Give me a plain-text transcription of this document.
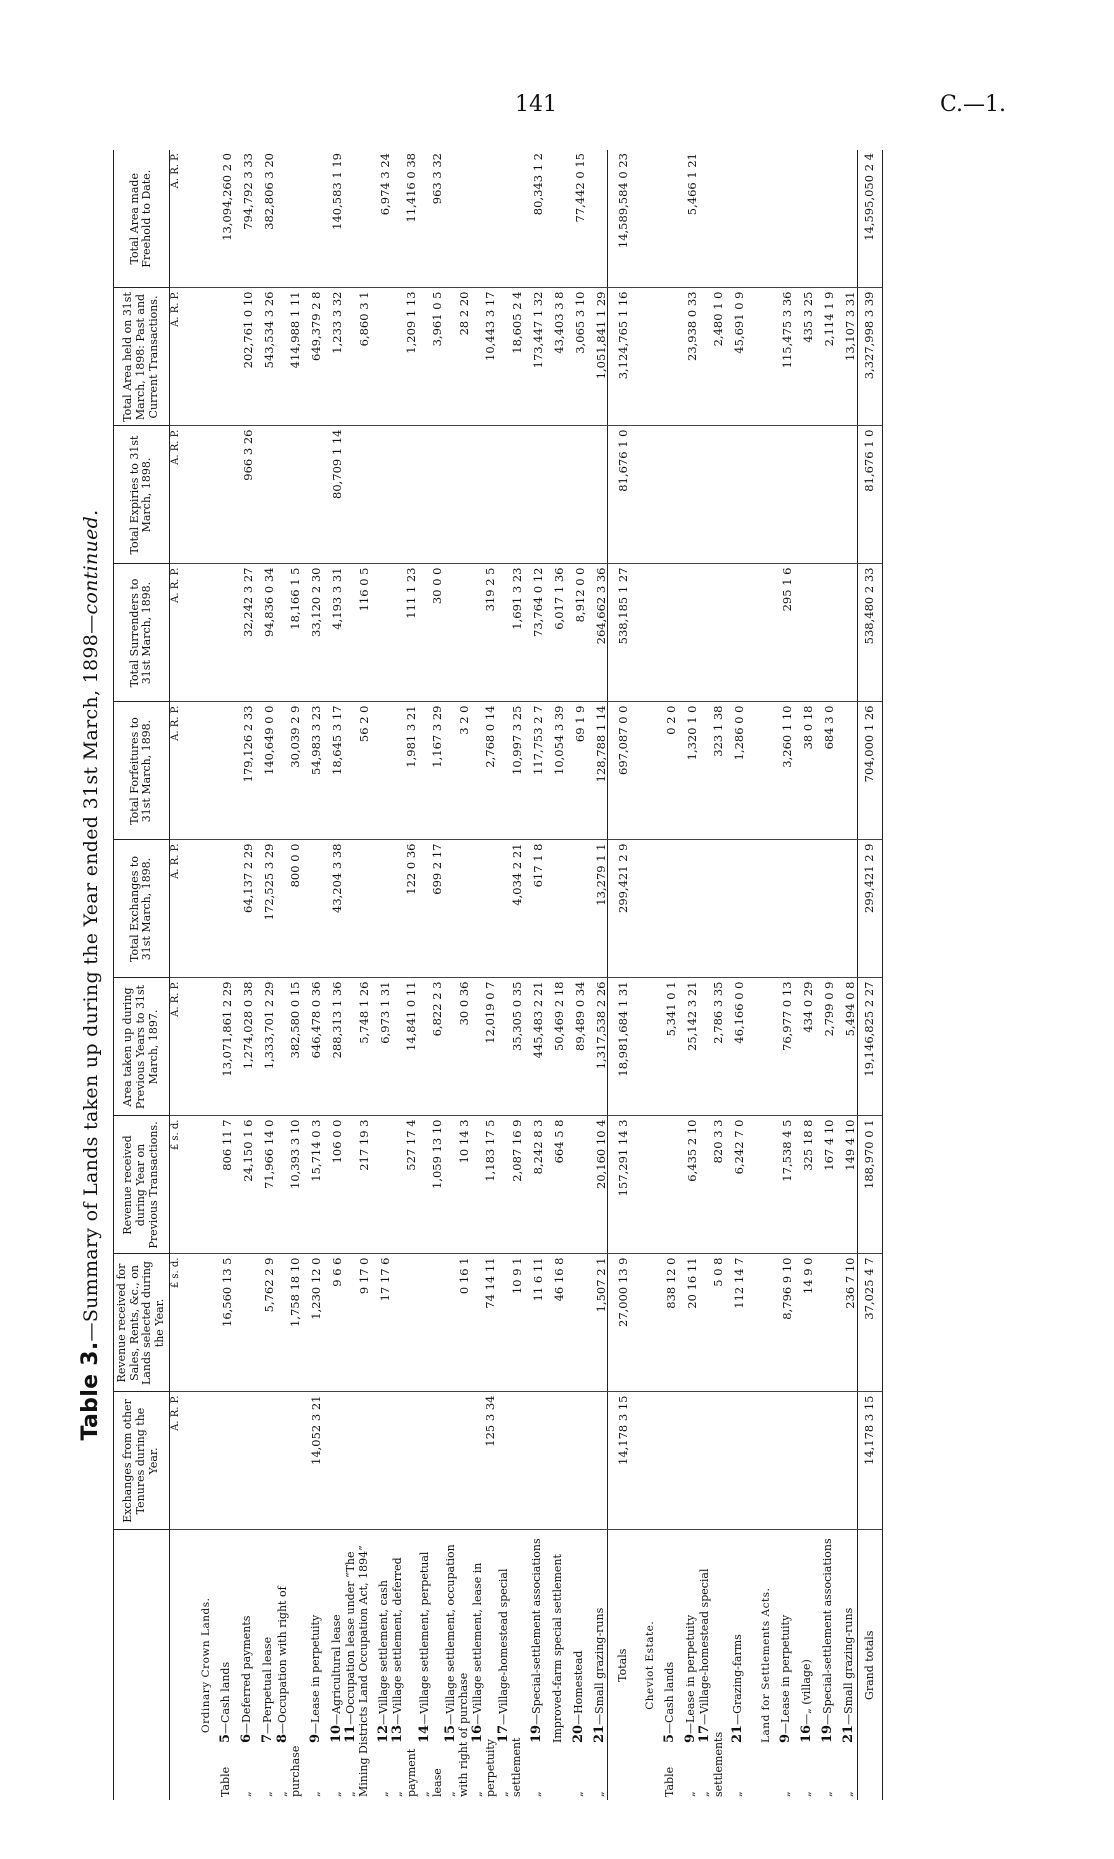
141	C.—1.
Table 3.—Summary of Lands taken up during the Year ended 31st March, 1898—continued.
	Exchanges from other Tenures during the Year.	Revenue received for Sales, Rents, &c., on Lands selected during the Year.	Revenue received during Year on Previous Transactions.	Area taken up during Previous Years to 31st March, 1897.	Total Exchanges to 31st March, 1898.	Total Forfeitures to 31st March, 1898.	Total Surrenders to 31st March, 1898.	Total Expiries to 31st March, 1898.	Total Area held on 31st March, 1898: Past and Current Transactions.	Total Area made Freehold to Date.
	A. R. P.	£ s. d.	£ s. d.	A. R. P.	A. R. P.	A. R. P.	A. R. P.	A. R. P.	A. R. P.	A. R. P.
Ordinary Crown Lands.										
Table5—Cash lands		16,560 13 5	806 11 7	13,071,861 2 29						13,094,260 2 0
„6—Deferred payments			24,150 1 6	1,274,028 0 38	64,137 2 29	179,126 2 33	32,242 3 27	966 3 26	202,761 0 10	794,792 3 33
„7—Perpetual lease		5,762 2 9	71,966 14 0	1,333,701 2 29	172,525 3 29	140,649 0 0	94,836 0 34		543,534 3 26	382,806 3 20
„8—Occupation with right of purchase		1,758 18 10	10,393 3 10	382,580 0 15	800 0 0	30,039 2 9	18,166 1 5		414,988 1 11	
„9—Lease in perpetuity	14,052 3 21	1,230 12 0	15,714 0 3	646,478 0 36		54,983 3 23	33,120 2 30		649,379 2 8	
„10—Agricultural lease		9 6 6	106 0 0	288,313 1 36	43,204 3 38	18,645 3 17	4,193 3 31	80,709 1 14	1,233 3 32	140,583 1 19
„11—Occupation lease under “The Mining Districts Land Occupation Act, 1894”		9 17 0	217 19 3	5,748 1 26		56 2 0	116 0 5		6,860 3 1	
„12—Village settlement, cash		17 17 6		6,973 1 31						6,974 3 24
„13—Village settlement, deferred payment			527 17 4	14,841 0 11	122 0 36	1,981 3 21	111 1 23		1,209 1 13	11,416 0 38
„14—Village settlement, perpetual lease			1,059 13 10	6,822 2 3	699 2 17	1,167 3 29	30 0 0		3,961 0 5	963 3 32
„15—Village settlement, occupation with right of purchase		0 16 1	10 14 3	30 0 36		3 2 0			28 2 20	
„16—Village settlement, lease in perpetuity	125 3 34	74 14 11	1,183 17 5	12,019 0 7		2,768 0 14	319 2 5		10,443 3 17	
„17—Village-homestead special settlement		10 9 1	2,087 16 9	35,305 0 35	4,034 2 21	10,997 3 25	1,691 3 23		18,605 2 4	
„19—Special-settlement associations		11 6 11	8,242 8 3	445,483 2 21	617 1 8	117,753 2 7	73,764 0 12		173,447 1 32	80,343 1 2
Improved-farm special settlement		46 16 8	664 5 8	50,469 2 18		10,054 3 39	6,017 1 36		43,403 3 8	
„20—Homestead				89,489 0 34		69 1 9	8,912 0 0		3,065 3 10	77,442 0 15
„21—Small grazing-runs		1,507 2 1	20,160 10 4	1,317,538 2 26	13,279 1 1	128,788 1 14	264,662 3 36		1,051,841 1 29	
Totals	14,178 3 15	27,000 13 9	157,291 14 3	18,981,684 1 31	299,421 2 9	697,087 0 0	538,185 1 27	81,676 1 0	3,124,765 1 16	14,589,584 0 23
Cheviot Estate.										
Table5—Cash lands		838 12 0		5,341 0 1		0 2 0				
„9—Lease in perpetuity		20 16 11	6,435 2 10	25,142 3 21		1,320 1 0			23,938 0 33	5,466 1 21
„17—Village-homestead special settlements		5 0 8	820 3 3	2,786 3 35		323 1 38			2,480 1 0	
„21—Grazing-farms		112 14 7	6,242 7 0	46,166 0 0		1,286 0 0			45,691 0 9	
Land for Settlements Acts.										
„9—Lease in perpetuity		8,796 9 10	17,538 4 5	76,977 0 13		3,260 1 10	295 1 6		115,475 3 36	
„16—„ (village)		14 9 0	325 18 8	434 0 29		38 0 18			435 3 25	
„19—Special-settlement associations			167 4 10	2,799 0 9		684 3 0			2,114 1 9	
„21—Small grazing-runs		236 7 10	149 4 10	5,494 0 8					13,107 3 31	
Grand totals	14,178 3 15	37,025 4 7	188,970 0 1	19,146,825 2 27	299,421 2 9	704,000 1 26	538,480 2 33	81,676 1 0	3,327,998 3 39	14,595,050 2 4
